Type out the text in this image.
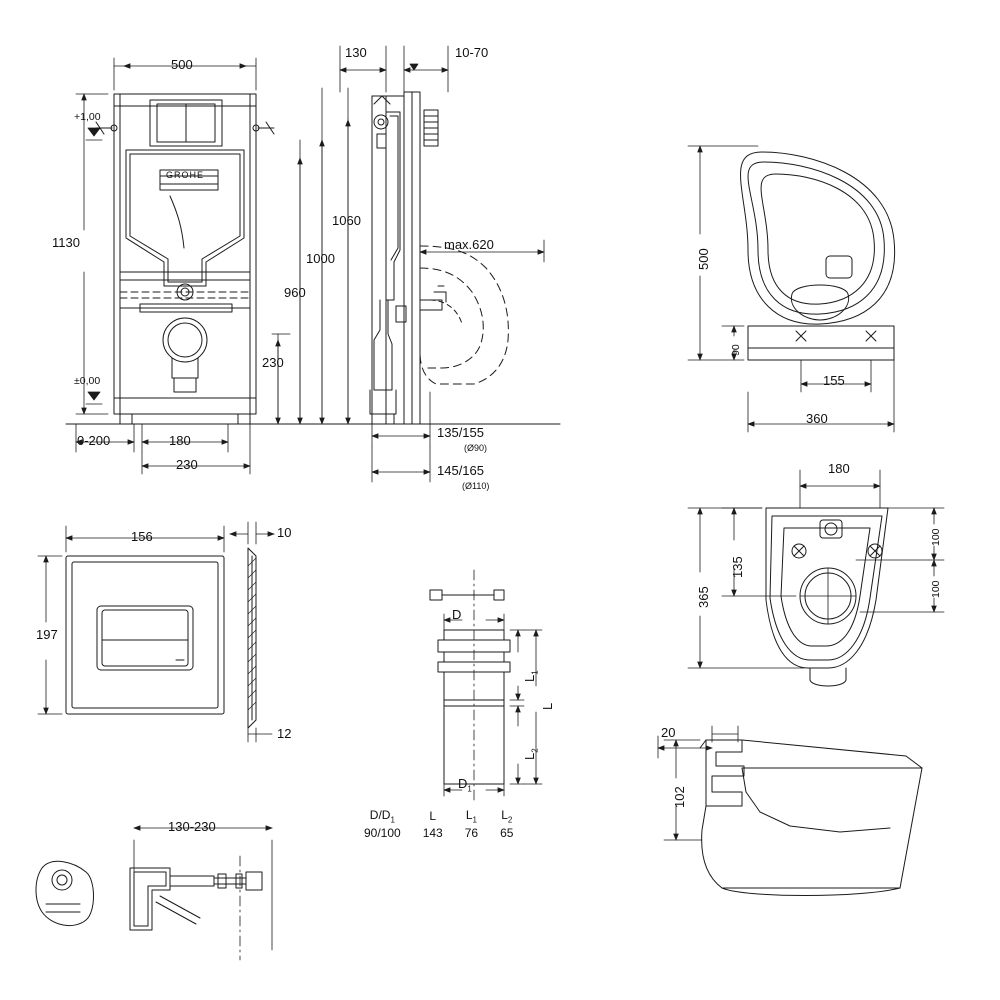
500
1130
+1,00
±0,00
0-200	180
230
GROHE
130	10-70
1060
1000
960
230
max.620
135/155
(Ø90)
145/165
(Ø110)
156
197
10
12
130-230
D
$D_1$
L
$L_1$
$L_2$
$D/D_1$	L	$L_1$	$L_2$
90/100	143	76	65
500
90
155
360
180
365
135
100
100
20
102
